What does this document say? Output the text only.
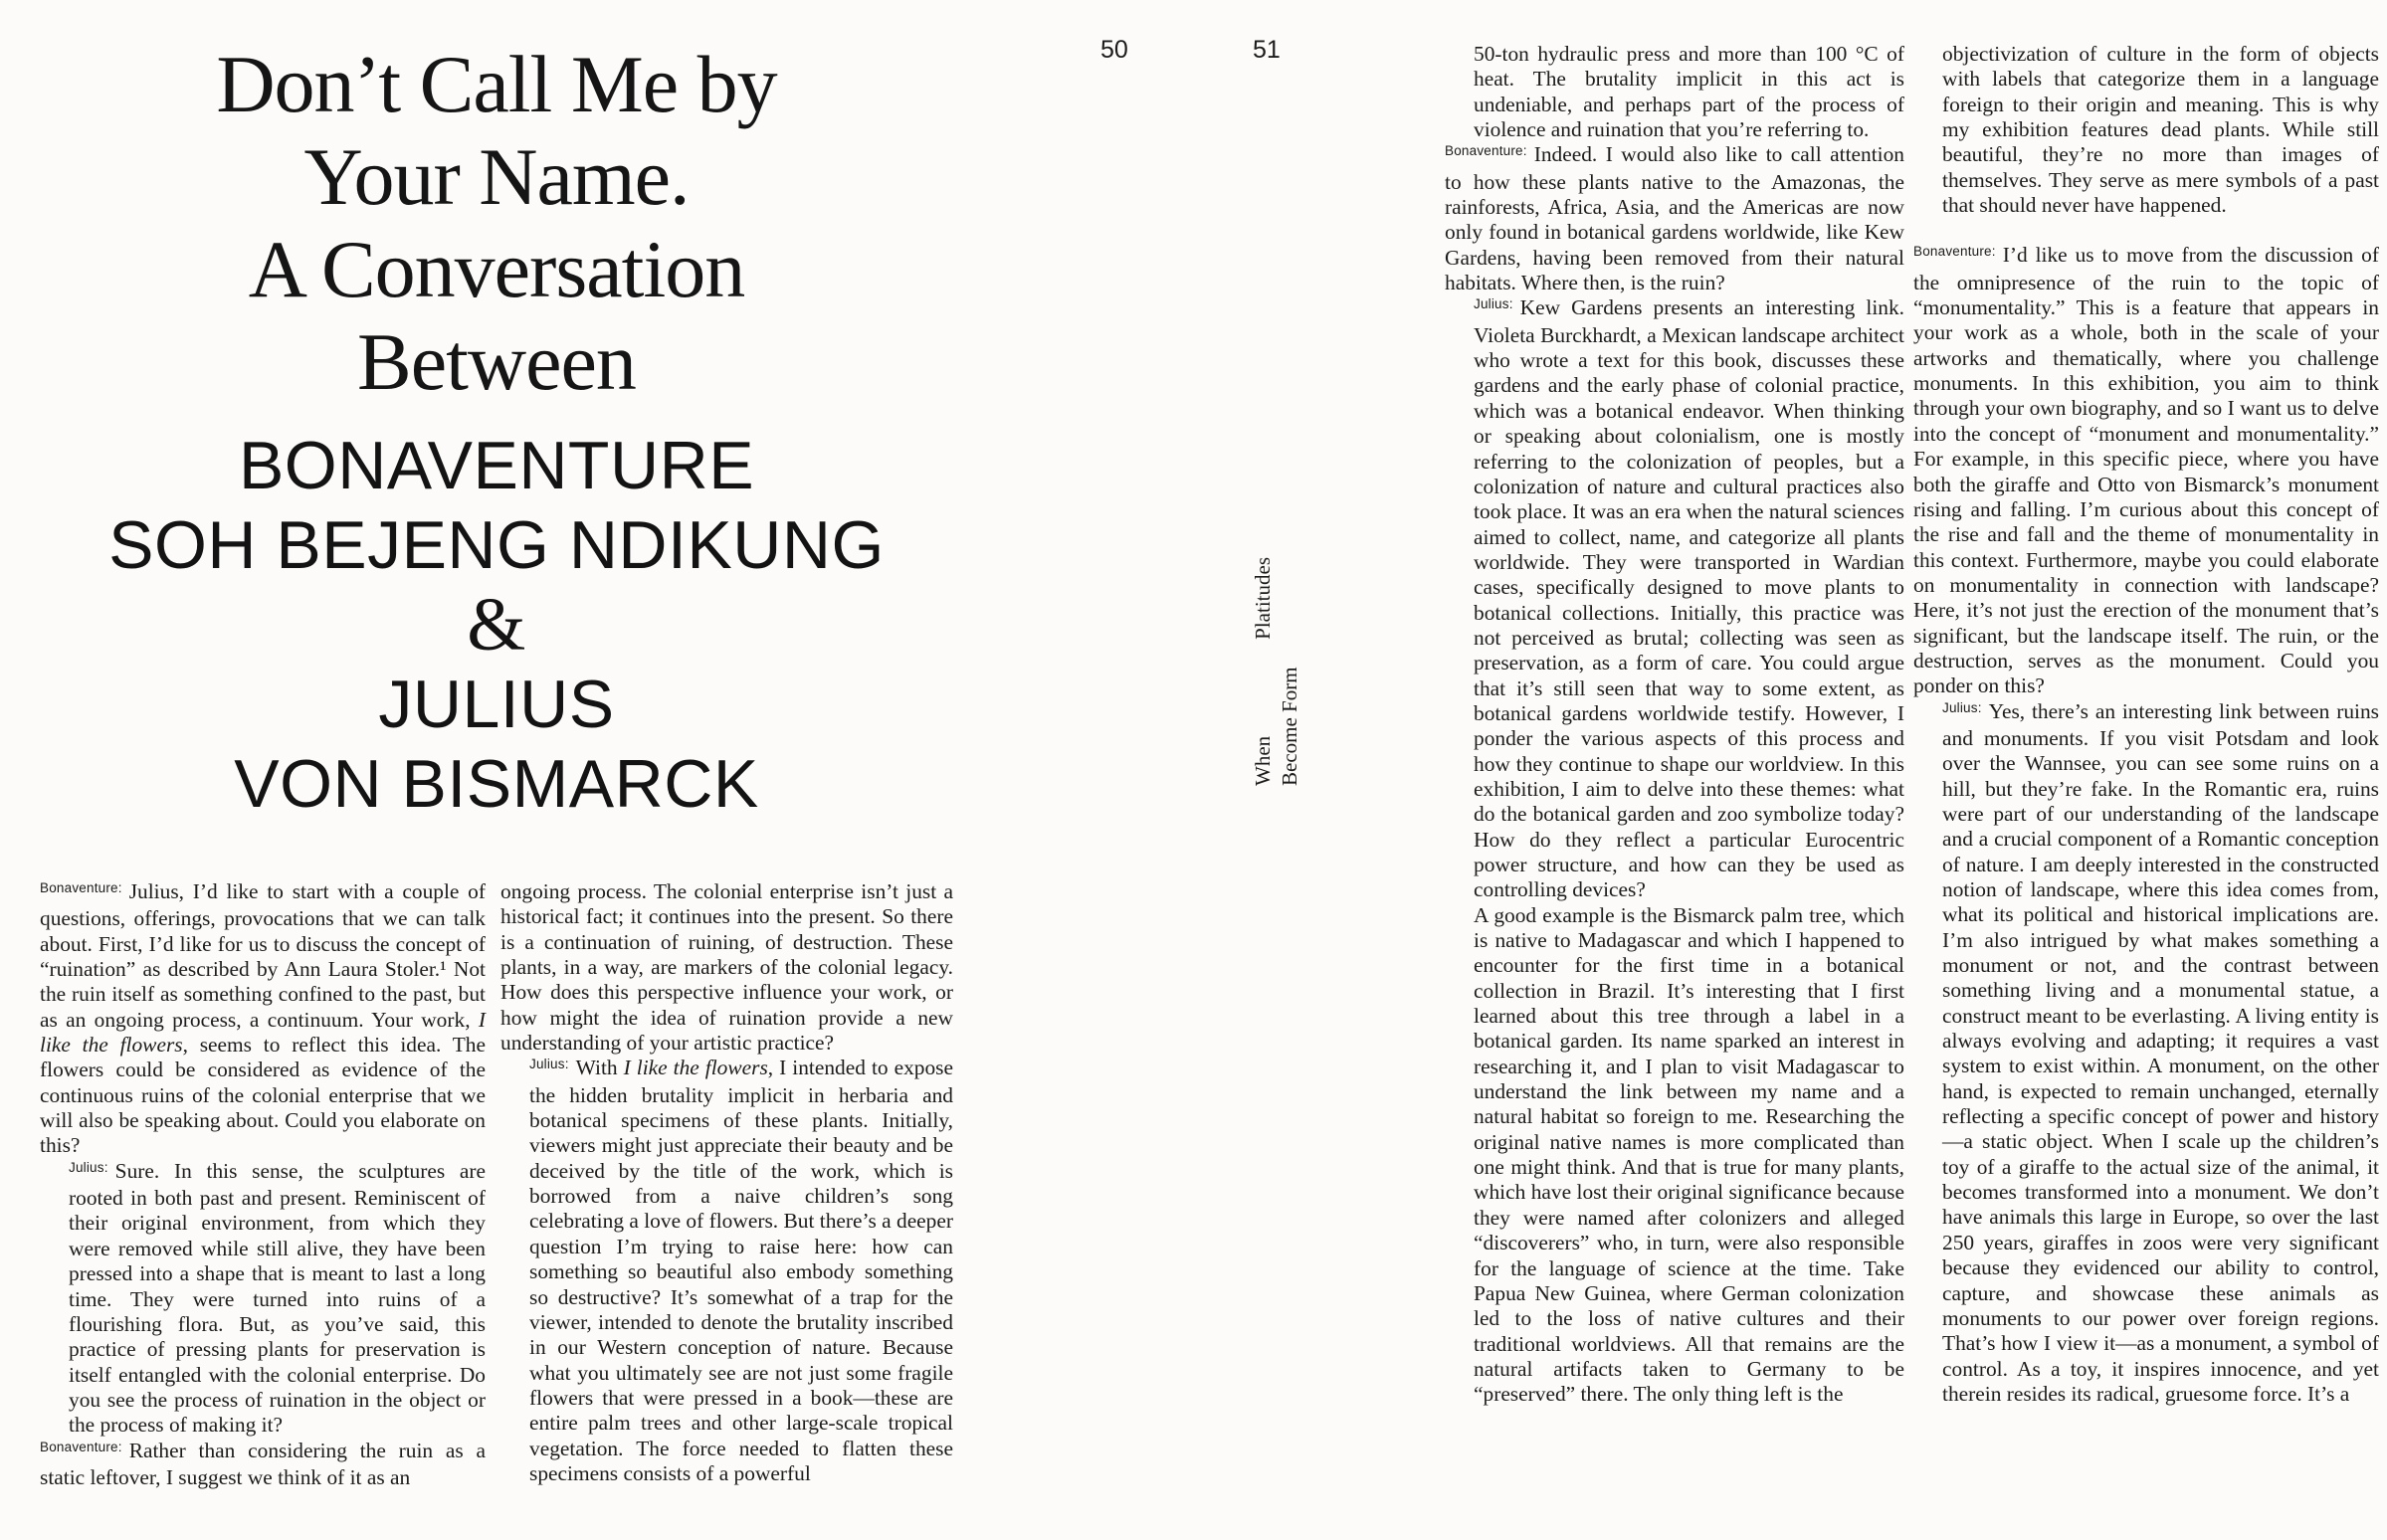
Don’t Call Me by
Your Name.
A Conversation
Between
BONAVENTURE
SOH BEJENG NDIKUNG
&
JULIUS
VON BISMARCK
50	51
When Platitudes Become Form

$^{Bonaventure:}$ Julius, I’d like to start with a couple of questions, offerings, provocations that we can talk about. First, I’d like for us to discuss the concept of “ruination” as described by Ann Laura Stoler.¹ Not the ruin itself as something confined to the past, but as an ongoing process, a continuum. Your work, I like the flowers, seems to reflect this idea. The flowers could be considered as evidence of the continuous ruins of the colonial enterprise that we will also be speaking about. Could you elaborate on this?

$^{Julius:}$ Sure. In this sense, the sculptures are rooted in both past and present. Reminiscent of their original environment, from which they were removed while still alive, they have been pressed into a shape that is meant to last a long time. They were turned into ruins of a flourishing flora. But, as you’ve said, this practice of pressing plants for preservation is itself entangled with the colonial enterprise. Do you see the process of ruination in the object or the process of making it?

$^{Bonaventure:}$ Rather than considering the ruin as a static leftover, I suggest we think of it as an

ongoing process. The colonial enterprise isn’t just a historical fact; it continues into the present. So there is a continuation of ruining, of destruction. These plants, in a way, are markers of the colonial legacy. How does this perspective influence your work, or how might the idea of ruination provide a new understanding of your artistic practice?

$^{Julius:}$ With I like the flowers, I intended to expose the hidden brutality implicit in herbaria and botanical specimens of these plants. Initially, viewers might just appreciate their beauty and be deceived by the title of the work, which is borrowed from a naive children’s song celebrating a love of flowers. But there’s a deeper question I’m trying to raise here: how can something so beautiful also embody something so destructive? It’s somewhat of a trap for the viewer, intended to denote the brutality inscribed in our Western conception of nature. Because what you ultimately see are not just some fragile flowers that were pressed in a book—these are entire palm trees and other large-scale tropical vegetation. The force needed to flatten these specimens consists of a powerful

50-ton hydraulic press and more than 100 °C of heat. The brutality implicit in this act is undeniable, and perhaps part of the process of violence and ruination that you’re referring to.

$^{Bonaventure:}$ Indeed. I would also like to call attention to how these plants native to the Amazonas, the rainforests, Africa, Asia, and the Americas are now only found in botanical gardens worldwide, like Kew Gardens, having been removed from their natural habitats. Where then, is the ruin?

$^{Julius:}$ Kew Gardens presents an interesting link. Violeta Burckhardt, a Mexican landscape architect who wrote a text for this book, discusses these gardens and the early phase of colonial practice, which was a botanical endeavor. When thinking or speaking about colonialism, one is mostly referring to the colonization of peoples, but a colonization of nature and cultural practices also took place. It was an era when the natural sciences aimed to collect, name, and categorize all plants worldwide. They were transported in Wardian cases, specifically designed to move plants to botanical collections. Initially, this practice was not perceived as brutal; collecting was seen as preservation, as a form of care. You could argue that it’s still seen that way to some extent, as botanical gardens worldwide testify. However, I ponder the various aspects of this process and how they continue to shape our worldview. In this exhibition, I aim to delve into these themes: what do the botanical garden and zoo symbolize today? How do they reflect a particular Eurocentric power structure, and how can they be used as controlling devices?

A good example is the Bismarck palm tree, which is native to Madagascar and which I happened to encounter for the first time in a botanical collection in Brazil. It’s interesting that I first learned about this tree through a label in a botanical garden. Its name sparked an interest in researching it, and I plan to visit Madagascar to understand the link between my name and a natural habitat so foreign to me. Researching the original native names is more complicated than one might think. And that is true for many plants, which have lost their original significance because they were named after colonizers and alleged “discoverers” who, in turn, were also responsible for the language of science at the time. Take Papua New Guinea, where German colonization led to the loss of native cultures and their traditional worldviews. All that remains are the natural artifacts taken to Germany to be “preserved” there. The only thing left is the

objectivization of culture in the form of objects with labels that categorize them in a language foreign to their origin and meaning. This is why my exhibition features dead plants. While still beautiful, they’re no more than images of themselves. They serve as mere symbols of a past that should never have happened.

$^{Bonaventure:}$ I’d like us to move from the discussion of the omnipresence of the ruin to the topic of “monumentality.” This is a feature that appears in your work as a whole, both in the scale of your artworks and thematically, where you challenge monuments. In this exhibition, you aim to think through your own biography, and so I want us to delve into the concept of “monument and monumentality.” For example, in this specific piece, where you have both the giraffe and Otto von Bismarck’s monument rising and falling. I’m curious about this concept of the rise and fall and the theme of monumentality in this context. Furthermore, maybe you could elaborate on monumentality in connection with landscape? Here, it’s not just the erection of the monument that’s significant, but the landscape itself. The ruin, or the destruction, serves as the monument. Could you ponder on this?

$^{Julius:}$ Yes, there’s an interesting link between ruins and monuments. If you visit Potsdam and look over the Wannsee, you can see some ruins on a hill, but they’re fake. In the Romantic era, ruins were part of our understanding of the landscape and a crucial component of a Romantic conception of nature. I am deeply interested in the constructed notion of landscape, where this idea comes from, what its political and historical implications are. I’m also intrigued by what makes something a monument or not, and the contrast between something living and a monumental statue, a construct meant to be everlasting. A living entity is always evolving and adapting; it requires a vast system to exist within. A monument, on the other hand, is expected to remain unchanged, eternally reflecting a specific concept of power and history—a static object. When I scale up the children’s toy of a giraffe to the actual size of the animal, it becomes transformed into a monument. We don’t have animals this large in Europe, so over the last 250 years, giraffes in zoos were very significant because they evidenced our ability to control, capture, and showcase these animals as monuments to our power over foreign regions. That’s how I view it—as a monument, a symbol of control. As a toy, it inspires innocence, and yet therein resides its radical, gruesome force. It’s a
